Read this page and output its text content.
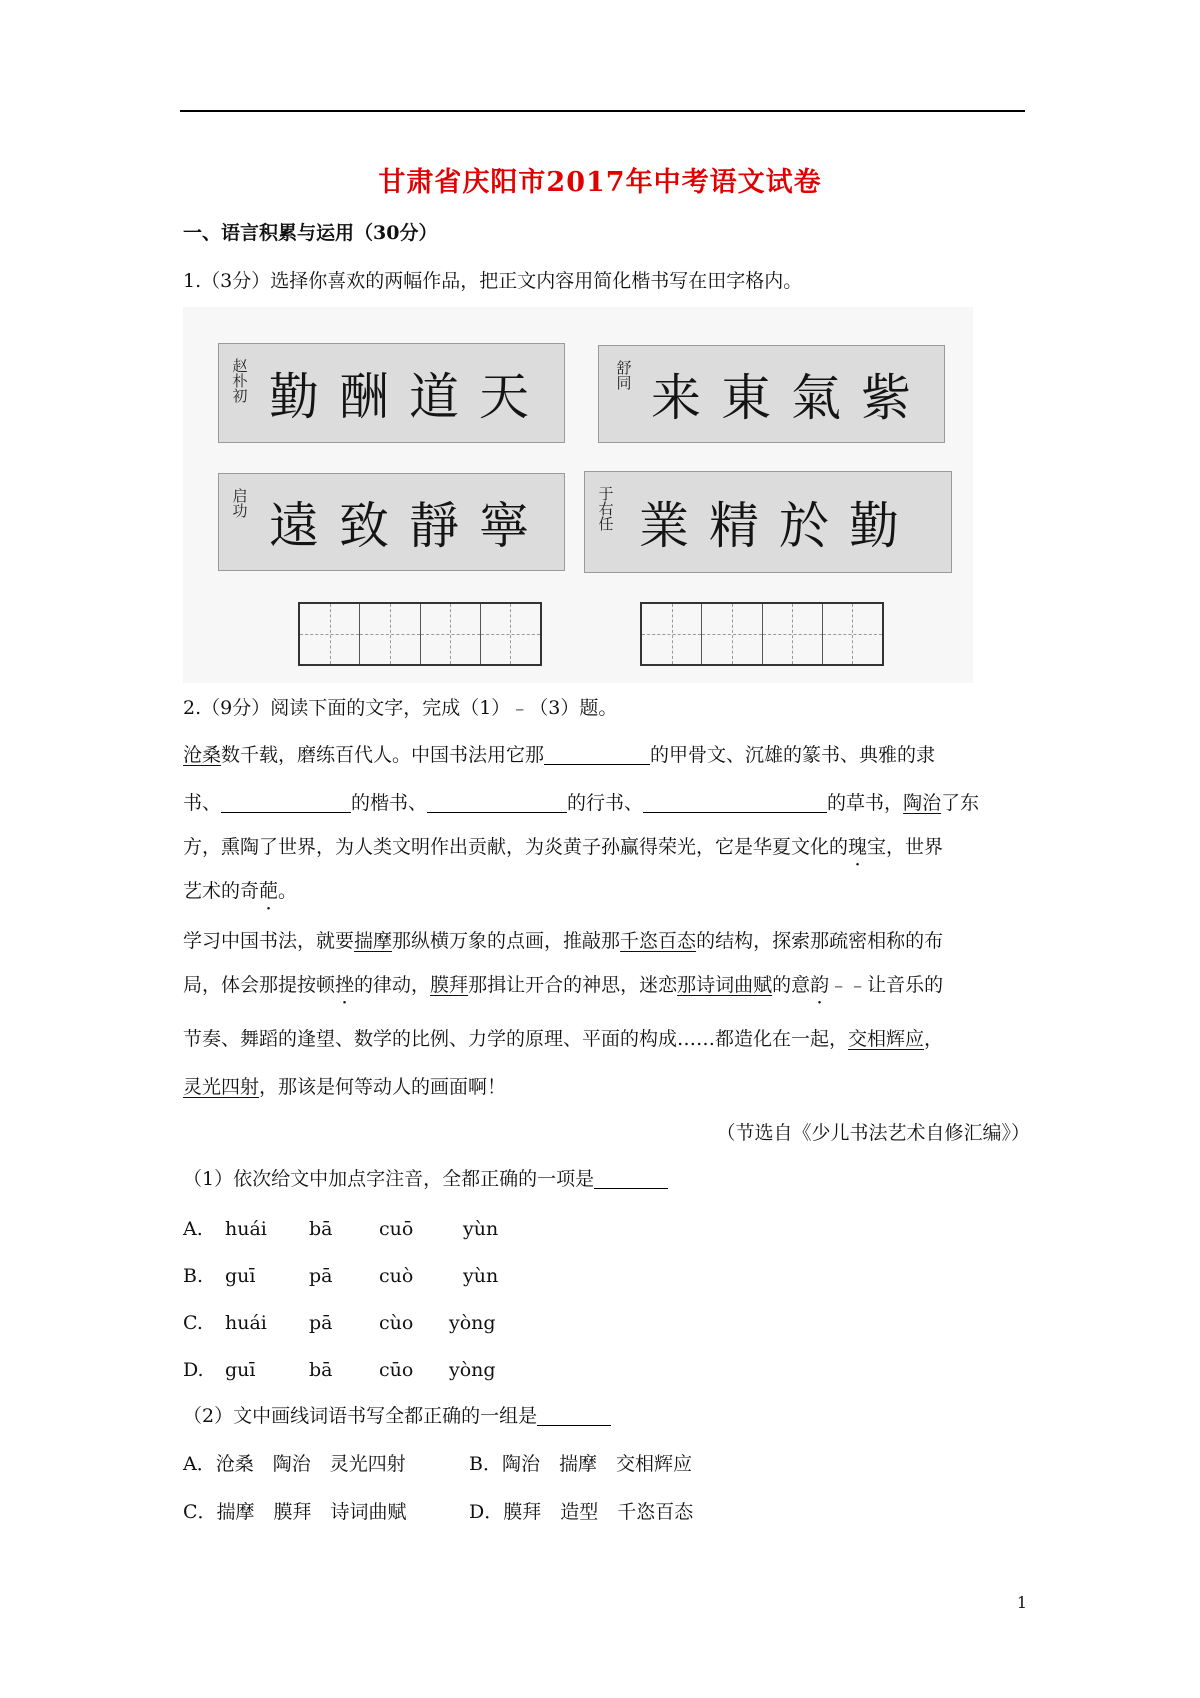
甘肃省庆阳市2017年中考语文试卷
一、语言积累与运用（30分）
1.（3分）选择你喜欢的两幅作品，把正文内容用简化楷书写在田字格内。
赵朴初 勤酬道天	舒同 来東氣紫
启功 遠致靜寧	于右任 業精於勤
2.（9分）阅读下面的文字，完成（1）﹣（3）题。
沧桑数千载，磨练百代人。中国书法用它那	的甲骨文、沉雄的篆书、典雅的隶
书、	的楷书、	的行书、	的草书，陶治了东
方，熏陶了世界，为人类文明作出贡献，为炎黄子孙赢得荣光，它是华夏文化的瑰宝，世界
艺术的奇葩。
学习中国书法，就要揣摩那纵横万象的点画，推敲那千恣百态的结构，探索那疏密相称的布
局，体会那提按顿挫的律动，膜拜那揖让开合的神思，迷恋那诗词曲赋的意韵﹣﹣让音乐的
节奏、舞蹈的逢望、数学的比例、力学的原理、平面的构成……都造化在一起，交相辉应，
灵光四射，那该是何等动人的画面啊！
（节选自《少儿书法艺术自修汇编》）
（1）依次给文中加点字注音，全都正确的一项是
A. huái bā cuō	yùn
B. guī	pā cuò	yùn
C. huái pā cùo yòng
D. guī	bā cūo yòng
（2）文中画线词语书写全都正确的一组是
A．沧桑　陶治　灵光四射	B．陶治　揣摩　交相辉应
C．揣摩　膜拜　诗词曲赋	D．膜拜　造型　千恣百态
1
